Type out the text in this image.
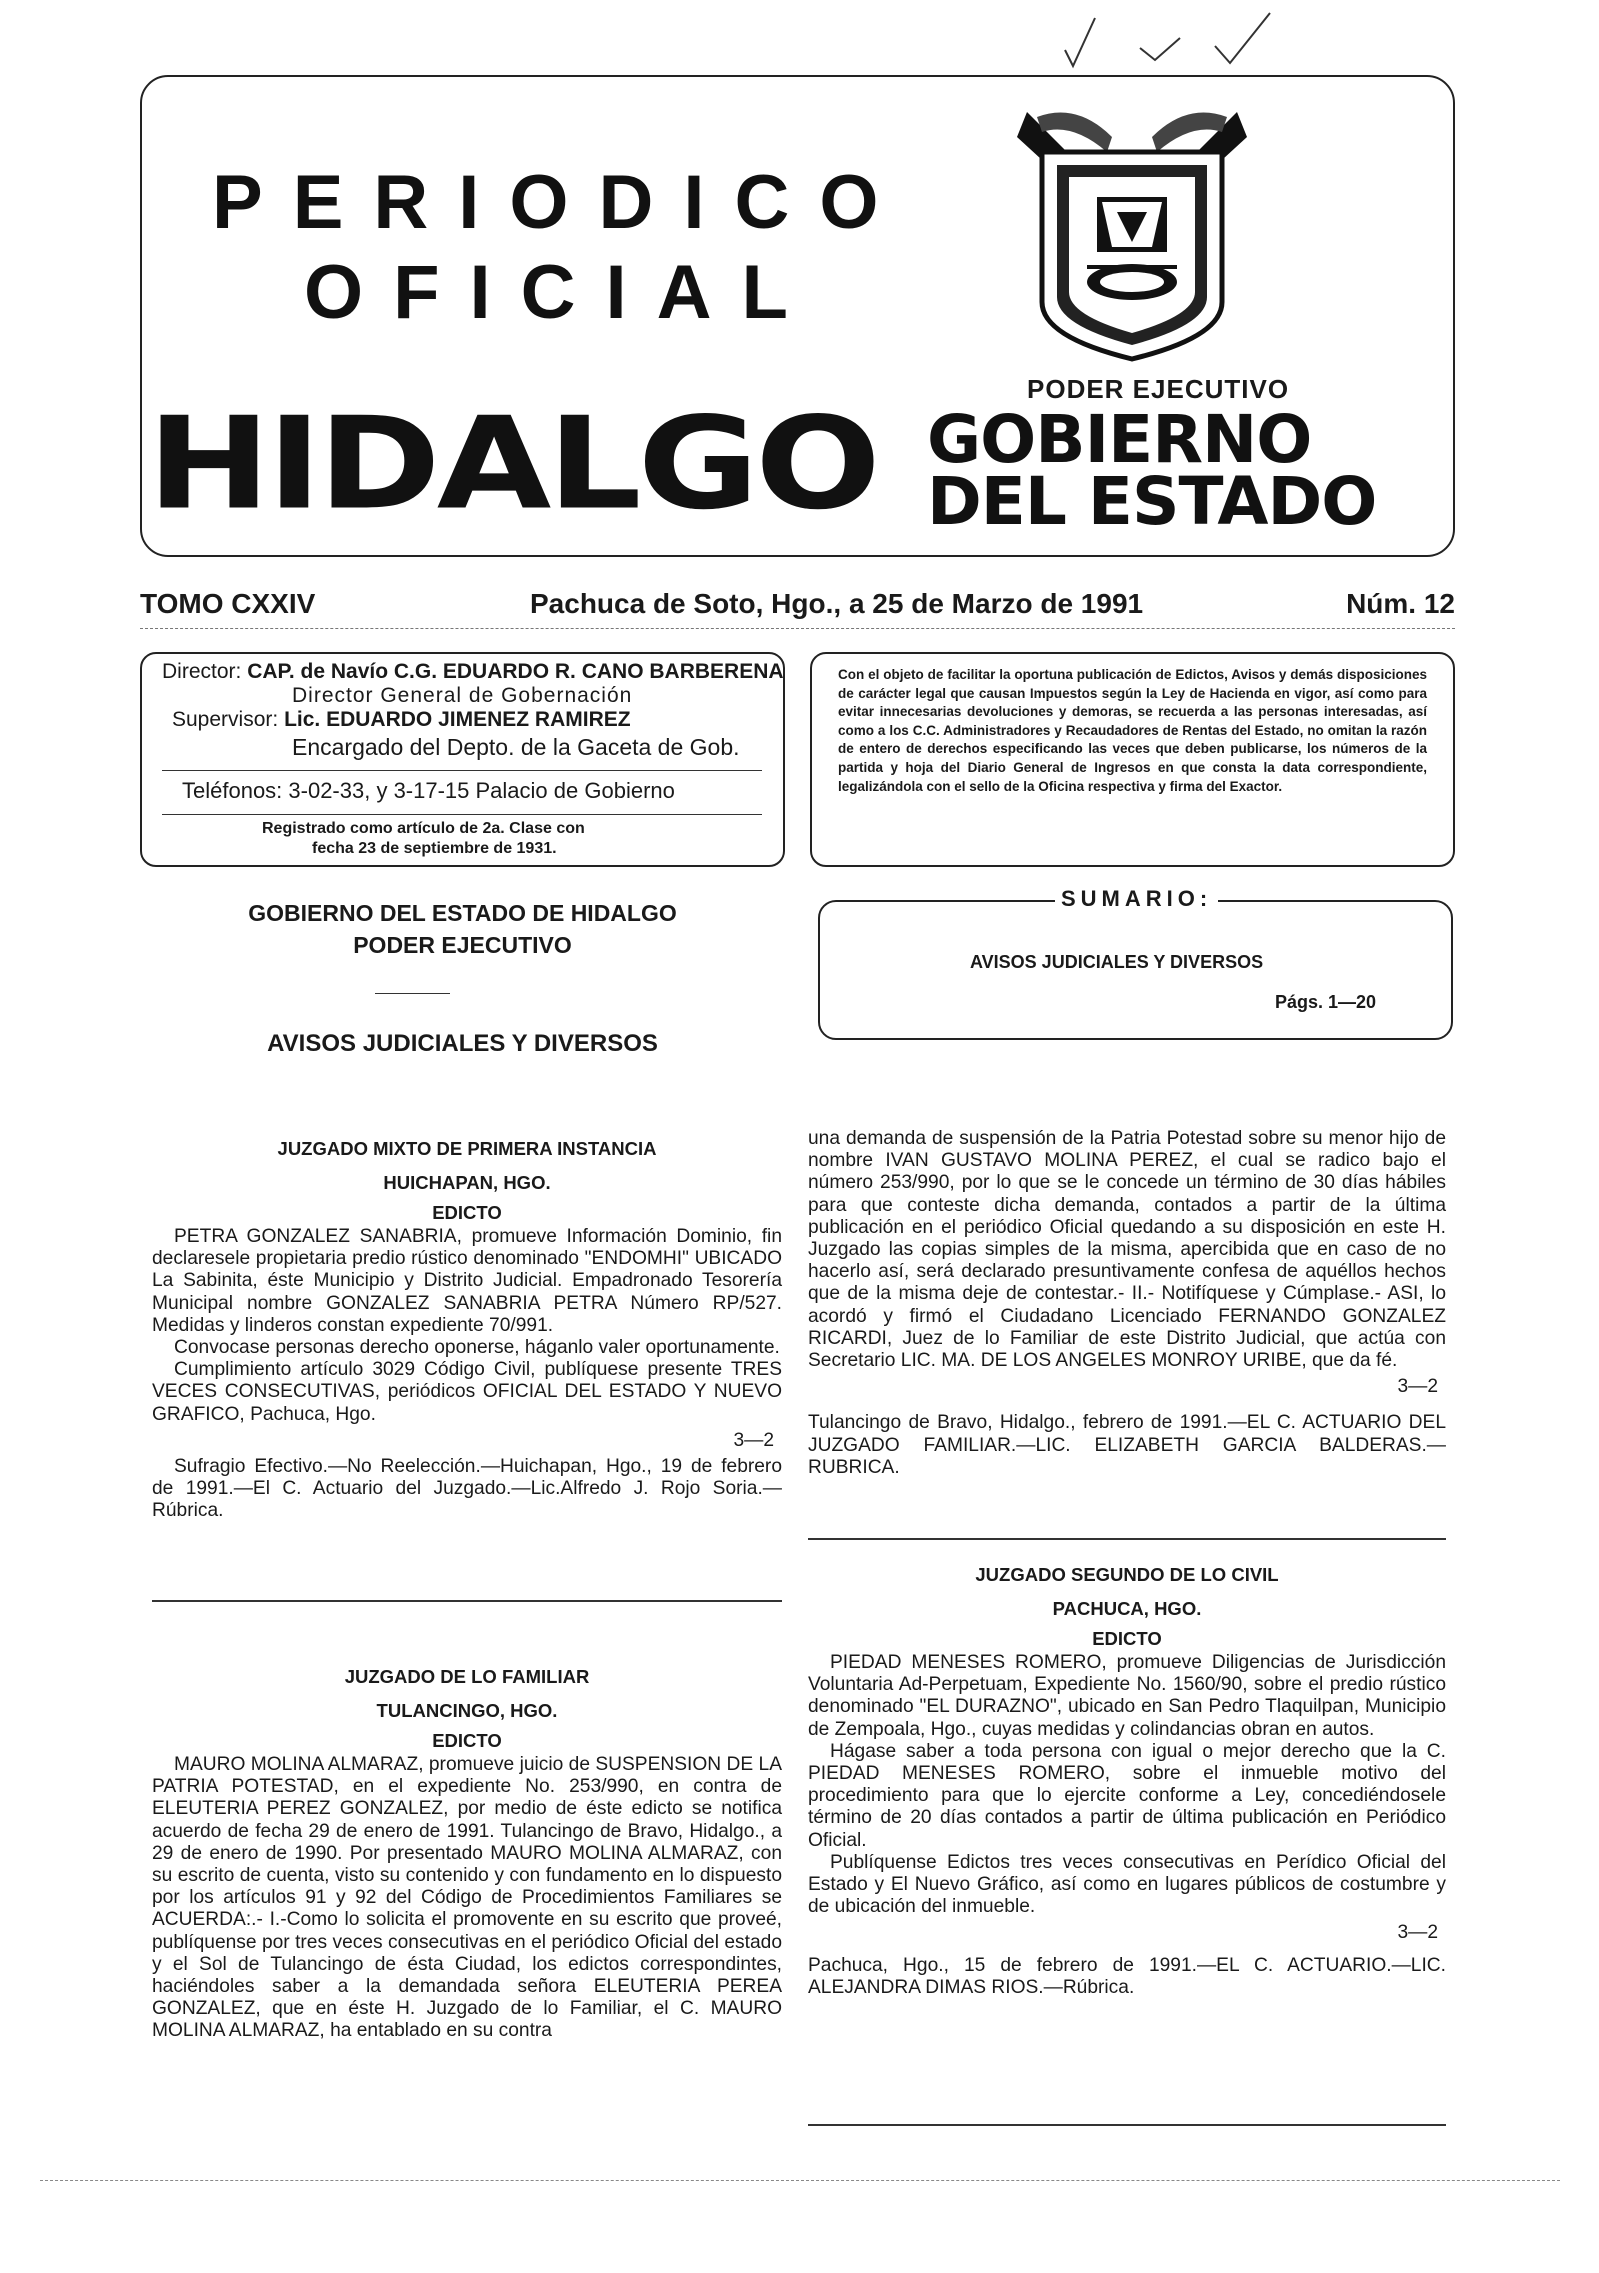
PERIODICO
OFICIAL
PODER EJECUTIVO
HIDALGO GOBIERNO
DEL ESTADO
TOMO CXXIV	Pachuca de Soto, Hgo., a 25 de Marzo de 1991	Núm. 12
Director: CAP. de Navío C.G. EDUARDO R. CANO BARBERENA
Director General de Gobernación
Supervisor: Lic. EDUARDO JIMENEZ RAMIREZ
Encargado del Depto. de la Gaceta de Gob.
Teléfonos: 3-02-33, y 3-17-15 Palacio de Gobierno
Registrado como artículo de 2a. Clase con
fecha 23 de septiembre de 1931.
Con el objeto de facilitar la oportuna publicación de Edictos, Avisos y demás disposiciones de carácter legal que causan Impuestos según la Ley de Hacienda en vigor, así como para evitar innecesarias devoluciones y demoras, se recuerda a las personas interesadas, así como a los C.C. Administradores y Recaudadores de Rentas del Estado, no omitan la razón de entero de derechos especificando las veces que deben publicarse, los números de la partida y hoja del Diario General de Ingresos en que consta la data correspondiente, legalizándola con el sello de la Oficina respectiva y firma del Exactor.
GOBIERNO DEL ESTADO DE HIDALGO
PODER EJECUTIVO
AVISOS JUDICIALES Y DIVERSOS
SUMARIO:
AVISOS JUDICIALES Y DIVERSOS
Págs. 1—20
JUZGADO MIXTO DE PRIMERA INSTANCIA
HUICHAPAN, HGO.
EDICTO

PETRA GONZALEZ SANABRIA, promueve Información Dominio, fin declaresele propietaria predio rústico denominado "ENDOMHI" UBICADO La Sabinita, éste Municipio y Distrito Judicial. Empadronado Tesorería Municipal nombre GONZALEZ SANABRIA PETRA Número RP/527. Medidas y linderos constan expediente 70/991.

Convocase personas derecho oponerse, háganlo valer oportunamente.

Cumplimiento artículo 3029 Código Civil, publíquese presente TRES VECES CONSECUTIVAS, periódicos OFICIAL DEL ESTADO Y NUEVO GRAFICO, Pachuca, Hgo.

3—2

Sufragio Efectivo.—No Reelección.—Huichapan, Hgo., 19 de febrero de 1991.—El C. Actuario del Juzgado.—Lic.Alfredo J. Rojo Soria.—Rúbrica.

JUZGADO DE LO FAMILIAR
TULANCINGO, HGO.
EDICTO

MAURO MOLINA ALMARAZ, promueve juicio de SUSPENSION DE LA PATRIA POTESTAD, en el expediente No. 253/990, en contra de ELEUTERIA PEREZ GONZALEZ, por medio de éste edicto se notifica acuerdo de fecha 29 de enero de 1991. Tulancingo de Bravo, Hidalgo., a 29 de enero de 1990. Por presentado MAURO MOLINA ALMARAZ, con su escrito de cuenta, visto su contenido y con fundamento en lo dispuesto por los artículos 91 y 92 del Código de Procedimientos Familiares se ACUERDA:.- I.-Como lo solicita el promovente en su escrito que proveé, publíquense por tres veces consecutivas en el periódico Oficial del estado y el Sol de Tulancingo de ésta Ciudad, los edictos correspondintes, haciéndoles saber a la demandada señora ELEUTERIA PEREA GONZALEZ, que en éste H. Juzgado de lo Familiar, el C. MAURO MOLINA ALMARAZ, ha entablado en su contra

una demanda de suspensión de la Patria Potestad sobre su menor hijo de nombre IVAN GUSTAVO MOLINA PEREZ, el cual se radico bajo el número 253/990, por lo que se le concede un término de 30 días hábiles para que conteste dicha demanda, contados a partir de la última publicación en el periódico Oficial quedando a su disposición en este H. Juzgado las copias simples de la misma, apercibida que en caso de no hacerlo así, será declarado presuntivamente confesa de aquéllos hechos que de la misma deje de contestar.- II.- Notifíquese y Cúmplase.- ASI, lo acordó y firmó el Ciudadano Licenciado FERNANDO GONZALEZ RICARDI, Juez de lo Familiar de este Distrito Judicial, que actúa con Secretario LIC. MA. DE LOS ANGELES MONROY URIBE, que da fé.

3—2

Tulancingo de Bravo, Hidalgo., febrero de 1991.—EL C. ACTUARIO DEL JUZGADO FAMILIAR.—LIC. ELIZABETH GARCIA BALDERAS.—RUBRICA.

JUZGADO SEGUNDO DE LO CIVIL
PACHUCA, HGO.
EDICTO

PIEDAD MENESES ROMERO, promueve Diligencias de Jurisdicción Voluntaria Ad-Perpetuam, Expediente No. 1560/90, sobre el predio rústico denominado "EL DURAZNO", ubicado en San Pedro Tlaquilpan, Municipio de Zempoala, Hgo., cuyas medidas y colindancias obran en autos.

Hágase saber a toda persona con igual o mejor derecho que la C. PIEDAD MENESES ROMERO, sobre el inmueble motivo del procedimiento para que lo ejercite conforme a Ley, concediéndosele término de 20 días contados a partir de última publicación en Periódico Oficial.

Publíquense Edictos tres veces consecutivas en Perídico Oficial del Estado y El Nuevo Gráfico, así como en lugares públicos de costumbre y de ubicación del inmueble.

3—2

Pachuca, Hgo., 15 de febrero de 1991.—EL C. ACTUARIO.—LIC. ALEJANDRA DIMAS RIOS.—Rúbrica.
